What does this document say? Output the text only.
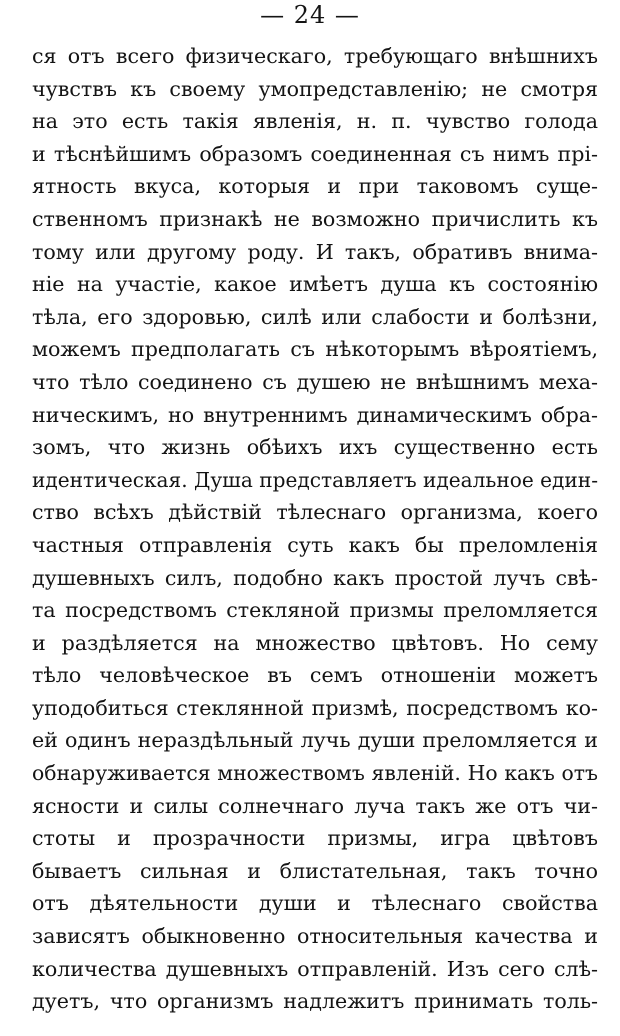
— 24 —
ся отъ всего физическаго, требующаго внѣшнихъ
чувствъ къ своему умопредставленію; не смотря
на это есть такія явленія, н. п. чувство голода
и тѣснѣйшимъ образомъ соединенная съ нимъ прі-
ятность вкуса, которыя и при таковомъ суще-
ственномъ признакѣ не возможно причислить къ
тому или другому роду. И такъ, обративъ внима-
ніе на участіе, какое имѣетъ душа къ состоянію
тѣла, его здоровью, силѣ или слабости и болѣзни,
можемъ предполагать съ нѣкоторымъ вѣроятіемъ,
что тѣло соединено съ душею не внѣшнимъ меха-
ническимъ, но внутреннимъ динамическимъ обра-
зомъ, что жизнь обѣихъ ихъ существенно есть
идентическая. Душа представляетъ идеальное един-
ство всѣхъ дѣйствій тѣлеснаго организма, коего
частныя отправленія суть какъ бы преломленія
душевныхъ силъ, подобно какъ простой лучъ свѣ-
та посредствомъ стекляной призмы преломляется
и раздѣляется на множество цвѣтовъ. Но сему
тѣло человѣческое въ семъ отношеніи можетъ
уподобиться стеклянной призмѣ, посредствомъ ко-
ей одинъ нераздѣльный лучь души преломляется и
обнаруживается множествомъ явленій. Но какъ отъ
ясности и силы солнечнаго луча такъ же отъ чи-
стоты и прозрачности призмы, игра цвѣтовъ
бываетъ сильная и блистательная, такъ точно
отъ дѣятельности души и тѣлеснаго свойства
зависятъ обыкновенно относительныя качества и
количества душевныхъ отправленій. Изъ сего слѣ-
дуетъ, что организмъ надлежитъ принимать толь-
